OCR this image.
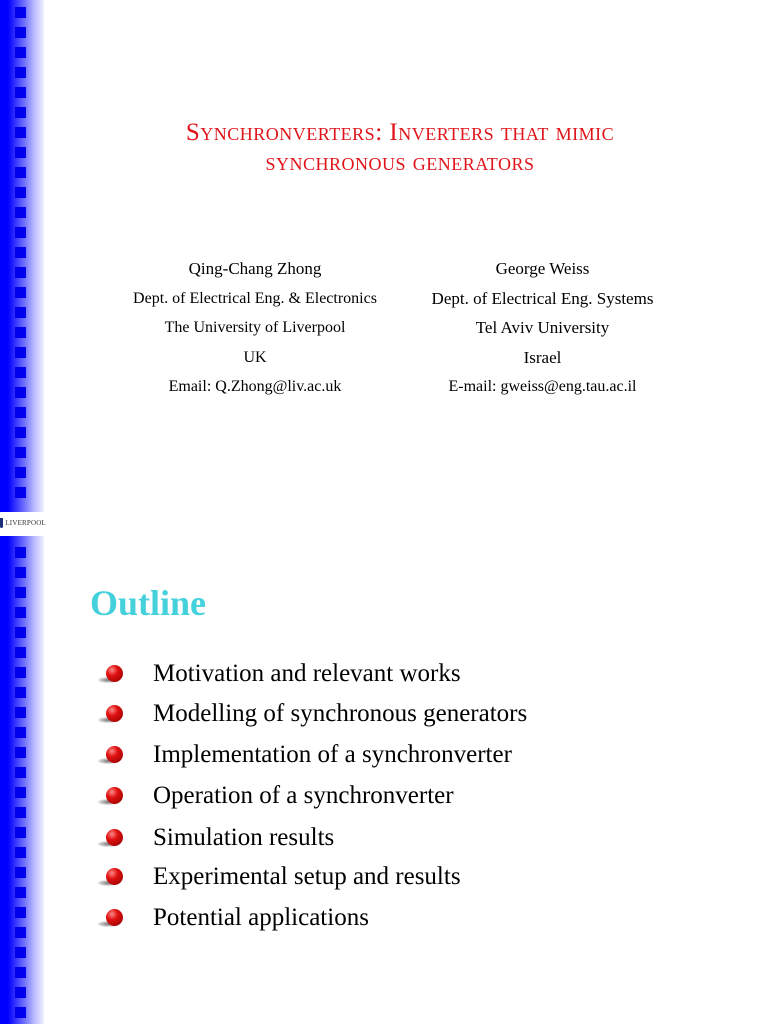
LIVERPOOL
Synchronverters: Inverters that mimic
synchronous generators
Qing-Chang Zhong
Dept. of Electrical Eng. & Electronics
The University of Liverpool
UK
Email: Q.Zhong@liv.ac.uk
George Weiss
Dept. of Electrical Eng. Systems
Tel Aviv University
Israel
E-mail: gweiss@eng.tau.ac.il
Outline
Motivation and relevant works
Modelling of synchronous generators
Implementation of a synchronverter
Operation of a synchronverter
Simulation results
Experimental setup and results
Potential applications
